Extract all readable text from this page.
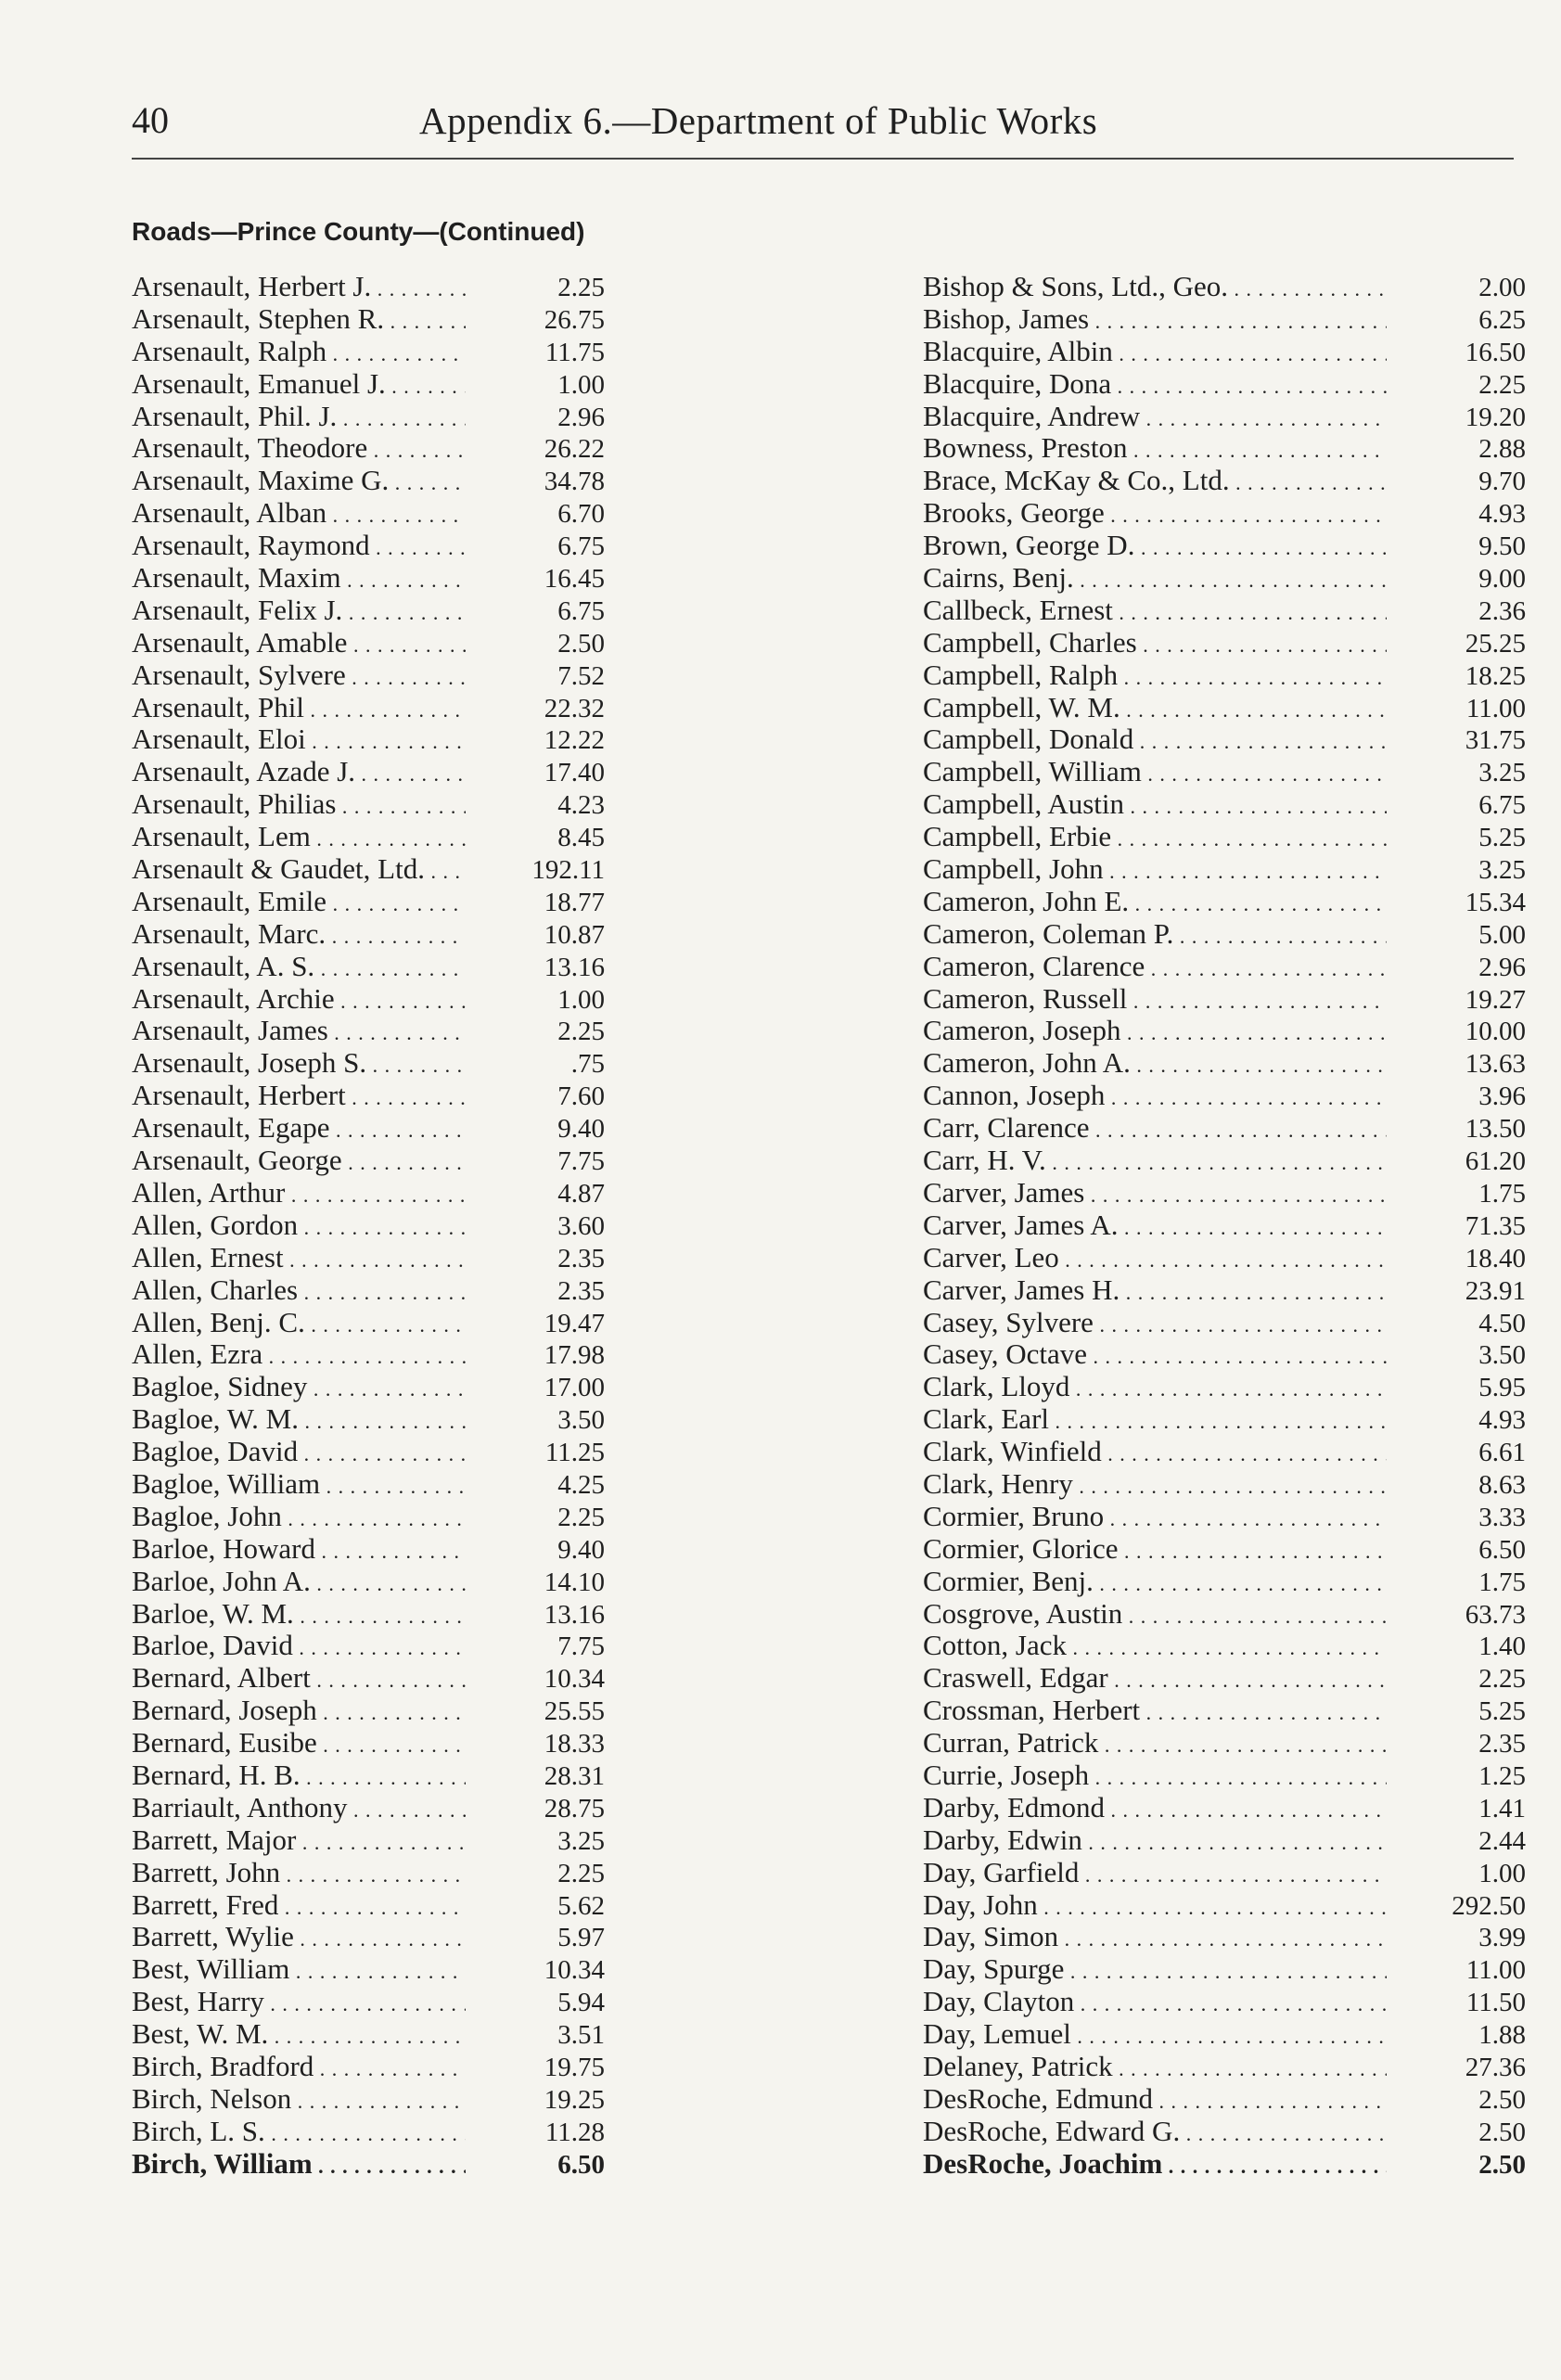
40	Appendix 6.—Department of Public Works
Roads—Prince County—(Continued)
Arsenault, Herbert J. . . .	2.25
Arsenault, Stephen R. . . .	26.75
Arsenault, Ralph . . .	11.75
Arsenault, Emanuel J. . . .	1.00
Arsenault, Phil. J. . . .	2.96
Arsenault, Theodore . . .	26.22
Arsenault, Maxime G. . . .	34.78
Arsenault, Alban . . .	6.70
Arsenault, Raymond . . .	6.75
Arsenault, Maxim . . .	16.45
Arsenault, Felix J. . . .	6.75
Arsenault, Amable . . .	2.50
Arsenault, Sylvere . . .	7.52
Arsenault, Phil . . .	22.32
Arsenault, Eloi . . .	12.22
Arsenault, Azade J. . . .	17.40
Arsenault, Philias . . .	4.23
Arsenault, Lem . . .	8.45
Arsenault & Gaudet, Ltd. . . .	192.11
Arsenault, Emile . . .	18.77
Arsenault, Marc. . . .	10.87
Arsenault, A. S. . . .	13.16
Arsenault, Archie . . .	1.00
Arsenault, James . . .	2.25
Arsenault, Joseph S. . . .	.75
Arsenault, Herbert . . .	7.60
Arsenault, Egape . . .	9.40
Arsenault, George . . .	7.75
Allen, Arthur . . .	4.87
Allen, Gordon . . .	3.60
Allen, Ernest . . .	2.35
Allen, Charles . . .	2.35
Allen, Benj. C. . . .	19.47
Allen, Ezra . . .	17.98
Bagloe, Sidney . . .	17.00
Bagloe, W. M. . . .	3.50
Bagloe, David . . .	11.25
Bagloe, William . . .	4.25
Bagloe, John . . .	2.25
Barloe, Howard . . .	9.40
Barloe, John A. . . .	14.10
Barloe, W. M. . . .	13.16
Barloe, David . . .	7.75
Bernard, Albert . . .	10.34
Bernard, Joseph . . .	25.55
Bernard, Eusibe . . .	18.33
Bernard, H. B. . . .	28.31
Barriault, Anthony . . .	28.75
Barrett, Major . . .	3.25
Barrett, John . . .	2.25
Barrett, Fred . . .	5.62
Barrett, Wylie . . .	5.97
Best, William . . .	10.34
Best, Harry . . .	5.94
Best, W. M. . . .	3.51
Birch, Bradford . . .	19.75
Birch, Nelson . . .	19.25
Birch, L. S. . . .	11.28
Birch, William . . .	6.50
Bishop & Sons, Ltd., Geo. . . .	2.00
Bishop, James . . .	6.25
Blacquire, Albin . . .	16.50
Blacquire, Dona . . .	2.25
Blacquire, Andrew . . .	19.20
Bowness, Preston . . .	2.88
Brace, McKay & Co., Ltd. . . .	9.70
Brooks, George . . .	4.93
Brown, George D. . . .	9.50
Cairns, Benj. . . .	9.00
Callbeck, Ernest . . .	2.36
Campbell, Charles . . .	25.25
Campbell, Ralph . . .	18.25
Campbell, W. M. . . .	11.00
Campbell, Donald . . .	31.75
Campbell, William . . .	3.25
Campbell, Austin . . .	6.75
Campbell, Erbie . . .	5.25
Campbell, John . . .	3.25
Cameron, John E. . . .	15.34
Cameron, Coleman P. . . .	5.00
Cameron, Clarence . . .	2.96
Cameron, Russell . . .	19.27
Cameron, Joseph . . .	10.00
Cameron, John A. . . .	13.63
Cannon, Joseph . . .	3.96
Carr, Clarence . . .	13.50
Carr, H. V. . . .	61.20
Carver, James . . .	1.75
Carver, James A. . . .	71.35
Carver, Leo . . .	18.40
Carver, James H. . . .	23.91
Casey, Sylvere . . .	4.50
Casey, Octave . . .	3.50
Clark, Lloyd . . .	5.95
Clark, Earl . . .	4.93
Clark, Winfield . . .	6.61
Clark, Henry . . .	8.63
Cormier, Bruno . . .	3.33
Cormier, Glorice . . .	6.50
Cormier, Benj. . . .	1.75
Cosgrove, Austin . . .	63.73
Cotton, Jack . . .	1.40
Craswell, Edgar . . .	2.25
Crossman, Herbert . . .	5.25
Curran, Patrick . . .	2.35
Currie, Joseph . . .	1.25
Darby, Edmond . . .	1.41
Darby, Edwin . . .	2.44
Day, Garfield . . .	1.00
Day, John . . .	292.50
Day, Simon . . .	3.99
Day, Spurge . . .	11.00
Day, Clayton . . .	11.50
Day, Lemuel . . .	1.88
Delaney, Patrick . . .	27.36
DesRoche, Edmund . . .	2.50
DesRoche, Edward G. . . .	2.50
DesRoche, Joachim . . .	2.50
